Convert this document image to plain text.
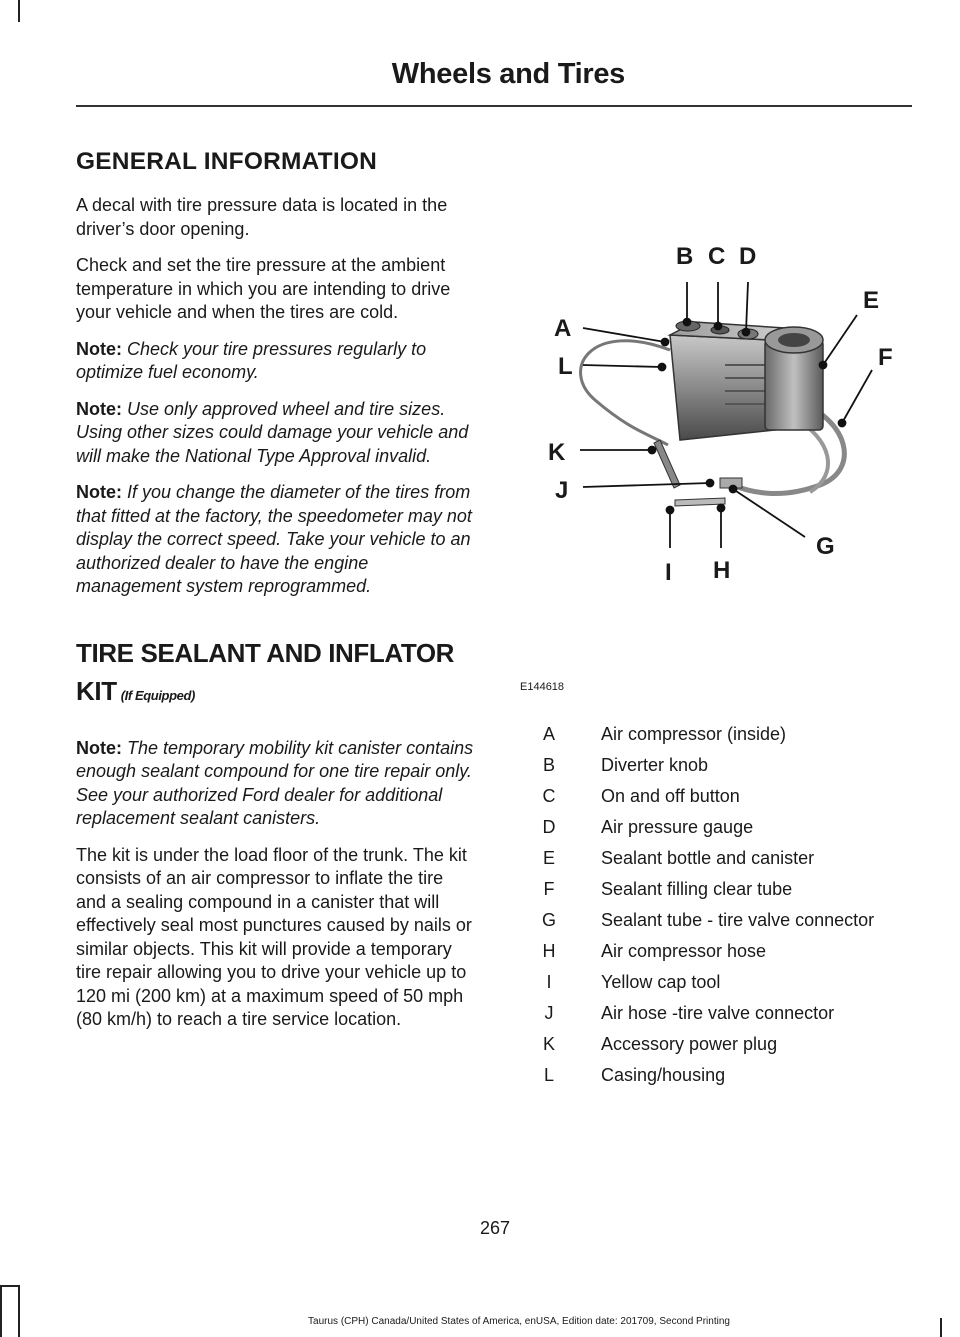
Wheels and Tires
GENERAL INFORMATION

A decal with tire pressure data is located in the driver’s door opening.

Check and set the tire pressure at the ambient temperature in which you are intending to drive your vehicle and when the tires are cold.

Note: Check your tire pressures regularly to optimize fuel economy.

Note: Use only approved wheel and tire sizes. Using other sizes could damage your vehicle and will make the National Type Approval invalid.

Note: If you change the diameter of the tires from that fitted at the factory, the speedometer may not display the correct speed. Take your vehicle to an authorized dealer to have the engine management system reprogrammed.

TIRE SEALANT AND INFLATOR
KIT (If Equipped)

Note: The temporary mobility kit canister contains enough sealant compound for one tire repair only. See your authorized Ford dealer for additional replacement sealant canisters.

The kit is under the load floor of the trunk. The kit consists of an air compressor to inflate the tire and a sealing compound in a canister that will effectively seal most punctures caused by nails or similar objects. This kit will provide a temporary tire repair allowing you to drive your vehicle up to 120 mi (200 km) at a maximum speed of 50 mph (80 km/h) to reach a tire service location.

A
B C D
E
F
G
H
I
J
K
L
E144618
A	Air compressor (inside)
B	Diverter knob
C	On and off button
D	Air pressure gauge
E	Sealant bottle and canister
F	Sealant filling clear tube
G	Sealant tube - tire valve connector
H	Air compressor hose
I	Yellow cap tool
J	Air hose -tire valve connector
K	Accessory power plug
L	Casing/housing
267
Taurus (CPH) Canada/United States of America, enUSA, Edition date: 201709, Second Printing
